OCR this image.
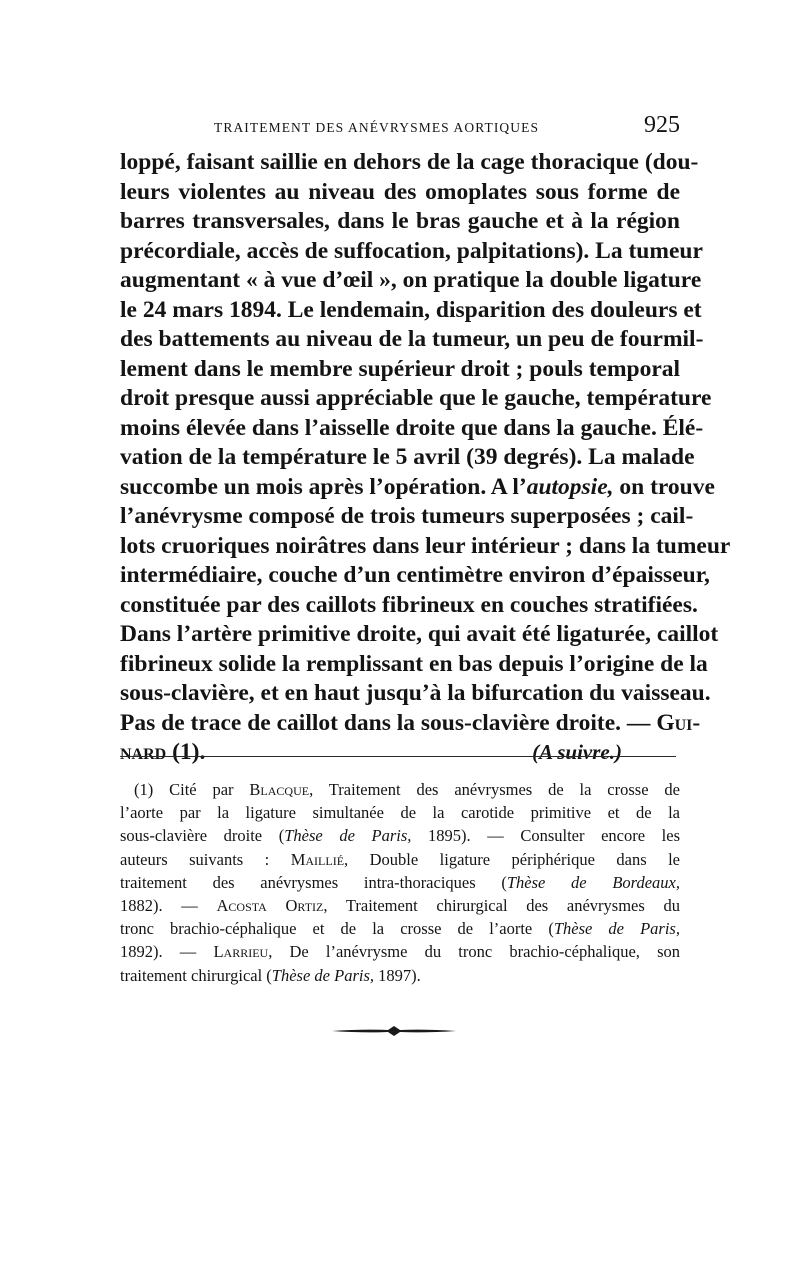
TRAITEMENT DES ANÉVRYSMES AORTIQUES	925
loppé, faisant saillie en dehors de la cage thoracique (dou-
leurs violentes au niveau des omoplates sous forme de
barres transversales, dans le bras gauche et à la région
précordiale, accès de suffocation, palpitations). La tumeur
augmentant « à vue d’œil », on pratique la double ligature
le 24 mars 1894. Le lendemain, disparition des douleurs et
des battements au niveau de la tumeur, un peu de fourmil-
lement dans le membre supérieur droit ; pouls temporal
droit presque aussi appréciable que le gauche, température
moins élevée dans l’aisselle droite que dans la gauche. Élé-
vation de la température le 5 avril (39 degrés). La malade
succombe un mois après l’opération. A l’autopsie, on trouve
l’anévrysme composé de trois tumeurs superposées ; cail-
lots cruoriques noirâtres dans leur intérieur ; dans la tumeur
intermédiaire, couche d’un centimètre environ d’épaisseur,
constituée par des caillots fibrineux en couches stratifiées.
Dans l’artère primitive droite, qui avait été ligaturée, caillot
fibrineux solide la remplissant en bas depuis l’origine de la
sous-clavière, et en haut jusqu’à la bifurcation du vaisseau.
Pas de trace de caillot dans la sous-clavière droite. — Gui-
nard (1).	(A suivre.)
(1) Cité par Blacque, Traitement des anévrysmes de la crosse de
l’aorte par la ligature simultanée de la carotide primitive et de la
sous-clavière droite (Thèse de Paris, 1895). — Consulter encore les
auteurs suivants : Maillié, Double ligature périphérique dans le
traitement des anévrysmes intra-thoraciques (Thèse de Bordeaux,
1882). — Acosta Ortiz, Traitement chirurgical des anévrysmes du
tronc brachio-céphalique et de la crosse de l’aorte (Thèse de Paris,
1892). — Larrieu, De l’anévrysme du tronc brachio-céphalique, son
traitement chirurgical (Thèse de Paris, 1897).
